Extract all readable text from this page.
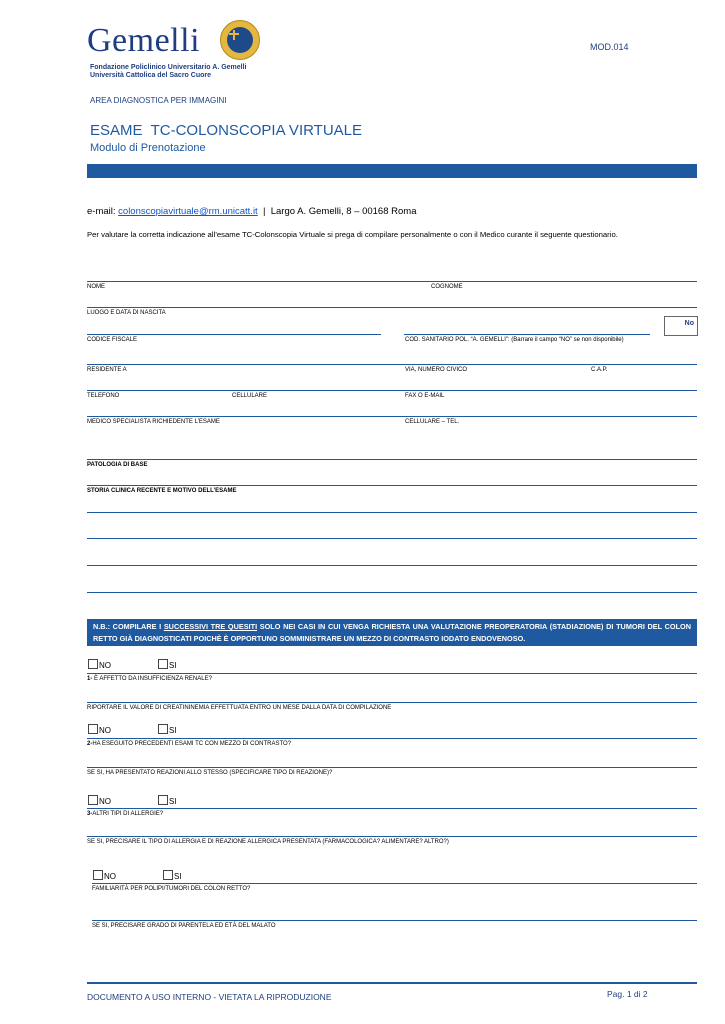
Gemelli
Fondazione Policlinico Universitario A. Gemelli
Università Cattolica del Sacro Cuore
MOD.014
AREA DIAGNOSTICA PER IMMAGINI
ESAME  TC-COLONSCOPIA VIRTUALE
Modulo di Prenotazione
e-mail: colonscopiavirtuale@rm.unicatt.it  |  Largo A. Gemelli, 8 – 00168 Roma
Per valutare la corretta indicazione all’esame TC-Colonscopia Virtuale si prega di compilare personalmente o con il Medico curante il seguente questionario.
NOME	COGNOME
LUOGO E DATA DI NASCITA
No
CODICE FISCALE	COD. SANITARIO POL. “A. GEMELLI”: (Barrare il campo “NO” se non disponibile)
RESIDENTE A	VIA, NUMERO CIVICO	C.A.P.
TELEFONO	CELLULARE	FAX O E-MAIL
MEDICO SPECIALISTA RICHIEDENTE L’ESAME	CELLULARE – TEL.
PATOLOGIA DI BASE
STORIA CLINICA RECENTE E MOTIVO DELL’ESAME
N.B.: COMPILARE I SUCCESSIVI TRE QUESITI SOLO NEI CASI IN CUI VENGA RICHIESTA UNA VALUTAZIONE PREOPERATORIA (STADIAZIONE) DI TUMORI DEL COLON RETTO GIÀ DIAGNOSTICATI POICHÈ È OPPORTUNO SOMMINISTRARE UN MEZZO DI CONTRASTO IODATO ENDOVENOSO.
NO	SI
1- È AFFETTO DA INSUFFICIENZA RENALE?
RIPORTARE IL VALORE DI CREATININEMIA EFFETTUATA ENTRO UN MESE DALLA DATA DI COMPILAZIONE
NO	SI
2-HA ESEGUITO PRECEDENTI ESAMI TC CON MEZZO DI CONTRASTO?
SE SI, HA PRESENTATO REAZIONI ALLO STESSO (SPECIFICARE TIPO DI REAZIONE)?
NO	SI
3-ALTRI TIPI DI ALLERGIE?
SE SI, PRECISARE IL TIPO DI ALLERGIA E DI REAZIONE ALLERGICA PRESENTATA (FARMACOLOGICA? ALIMENTARE? ALTRO?)
NO	SI
FAMILIARITÀ PER POLIPI/TUMORI DEL COLON RETTO?
SE SI, PRECISARE GRADO DI PARENTELA ED ETÀ DEL MALATO
DOCUMENTO A USO INTERNO - VIETATA LA RIPRODUZIONE	Pag. 1 di 2
